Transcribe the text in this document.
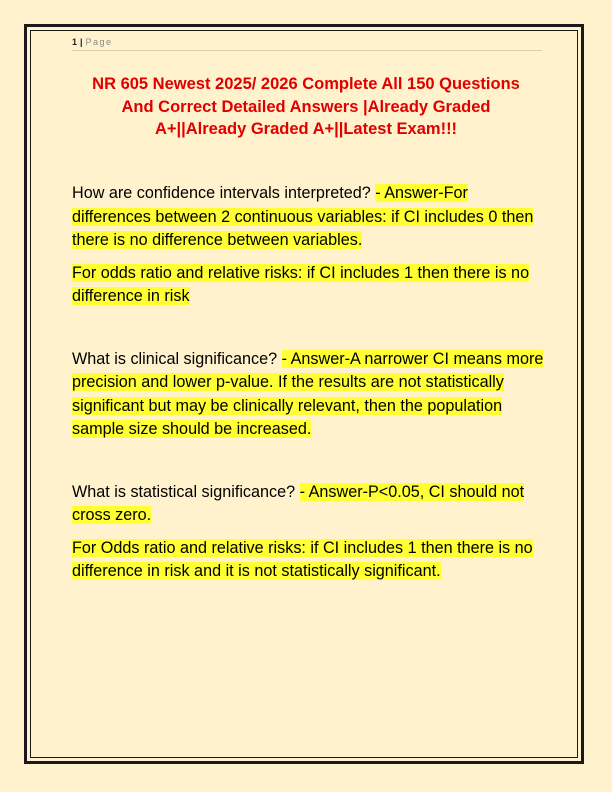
1 | Page
NR 605 Newest 2025/ 2026 Complete All 150 Questions
And Correct Detailed Answers |Already Graded
A+||Already Graded A+||Latest Exam!!!

How are confidence intervals interpreted? - Answer-For differences between 2 continuous variables: if CI includes 0 then there is no difference between variables.

For odds ratio and relative risks: if CI includes 1 then there is no difference in risk

What is clinical significance? - Answer-A narrower CI means more precision and lower p-value. If the results are not statistically significant but may be clinically relevant, then the population sample size should be increased.

What is statistical significance? - Answer-P<0.05, CI should not cross zero.

For Odds ratio and relative risks: if CI includes 1 then there is no difference in risk and it is not statistically significant.
